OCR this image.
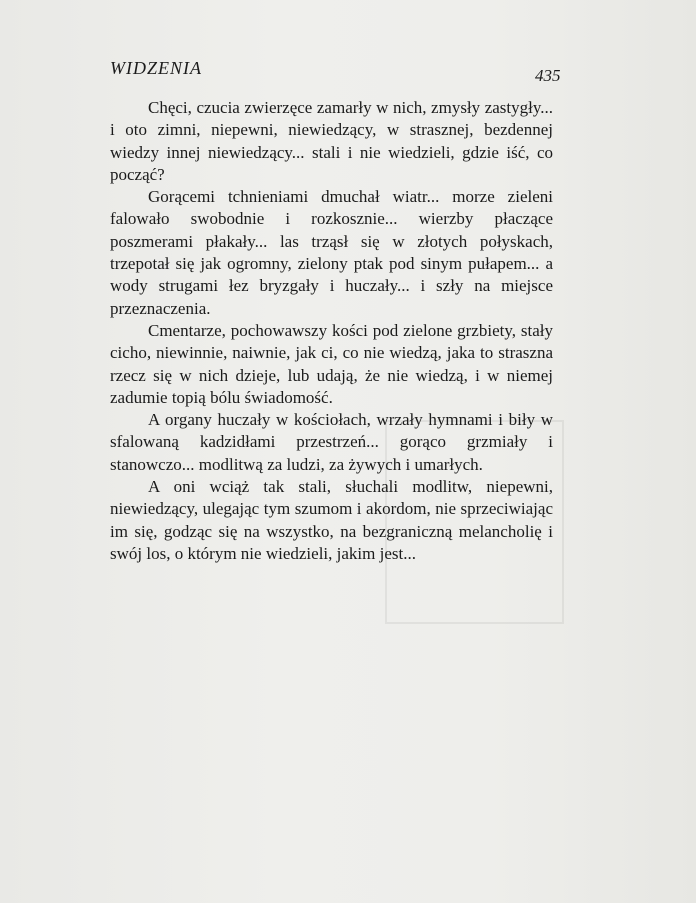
WIDZENIA	435

Chęci, czucia zwierzęce zamarły w nich, zmysły zastygły... i oto zimni, niepewni, niewiedzący, w strasznej, bezdennej wiedzy innej niewiedzący... stali i nie wiedzieli, gdzie iść, co począć?

Gorącemi tchnieniami dmuchał wiatr... morze zieleni falowało swobodnie i rozkosznie... wierzby płaczące poszmerami płakały... las trząsł się w złotych połyskach, trzepotał się jak ogromny, zielony ptak pod sinym pułapem... a wody strugami łez bryzgały i huczały... i szły na miejsce przeznaczenia.

Cmentarze, pochowawszy kości pod zielone grzbiety, stały cicho, niewinnie, naiwnie, jak ci, co nie wiedzą, jaka to straszna rzecz się w nich dzieje, lub udają, że nie wiedzą, i w niemej zadumie topią bólu świadomość.

A organy huczały w kościołach, wrzały hymnami i biły w sfalowaną kadzidłami przestrzeń... gorąco grzmiały i stanowczo... modlitwą za ludzi, za żywych i umarłych.

A oni wciąż tak stali, słuchali modlitw, niepewni, niewiedzący, ulegając tym szumom i akordom, nie sprzeciwiając im się, godząc się na wszystko, na bezgraniczną melancholię i swój los, o którym nie wiedzieli, jakim jest...
